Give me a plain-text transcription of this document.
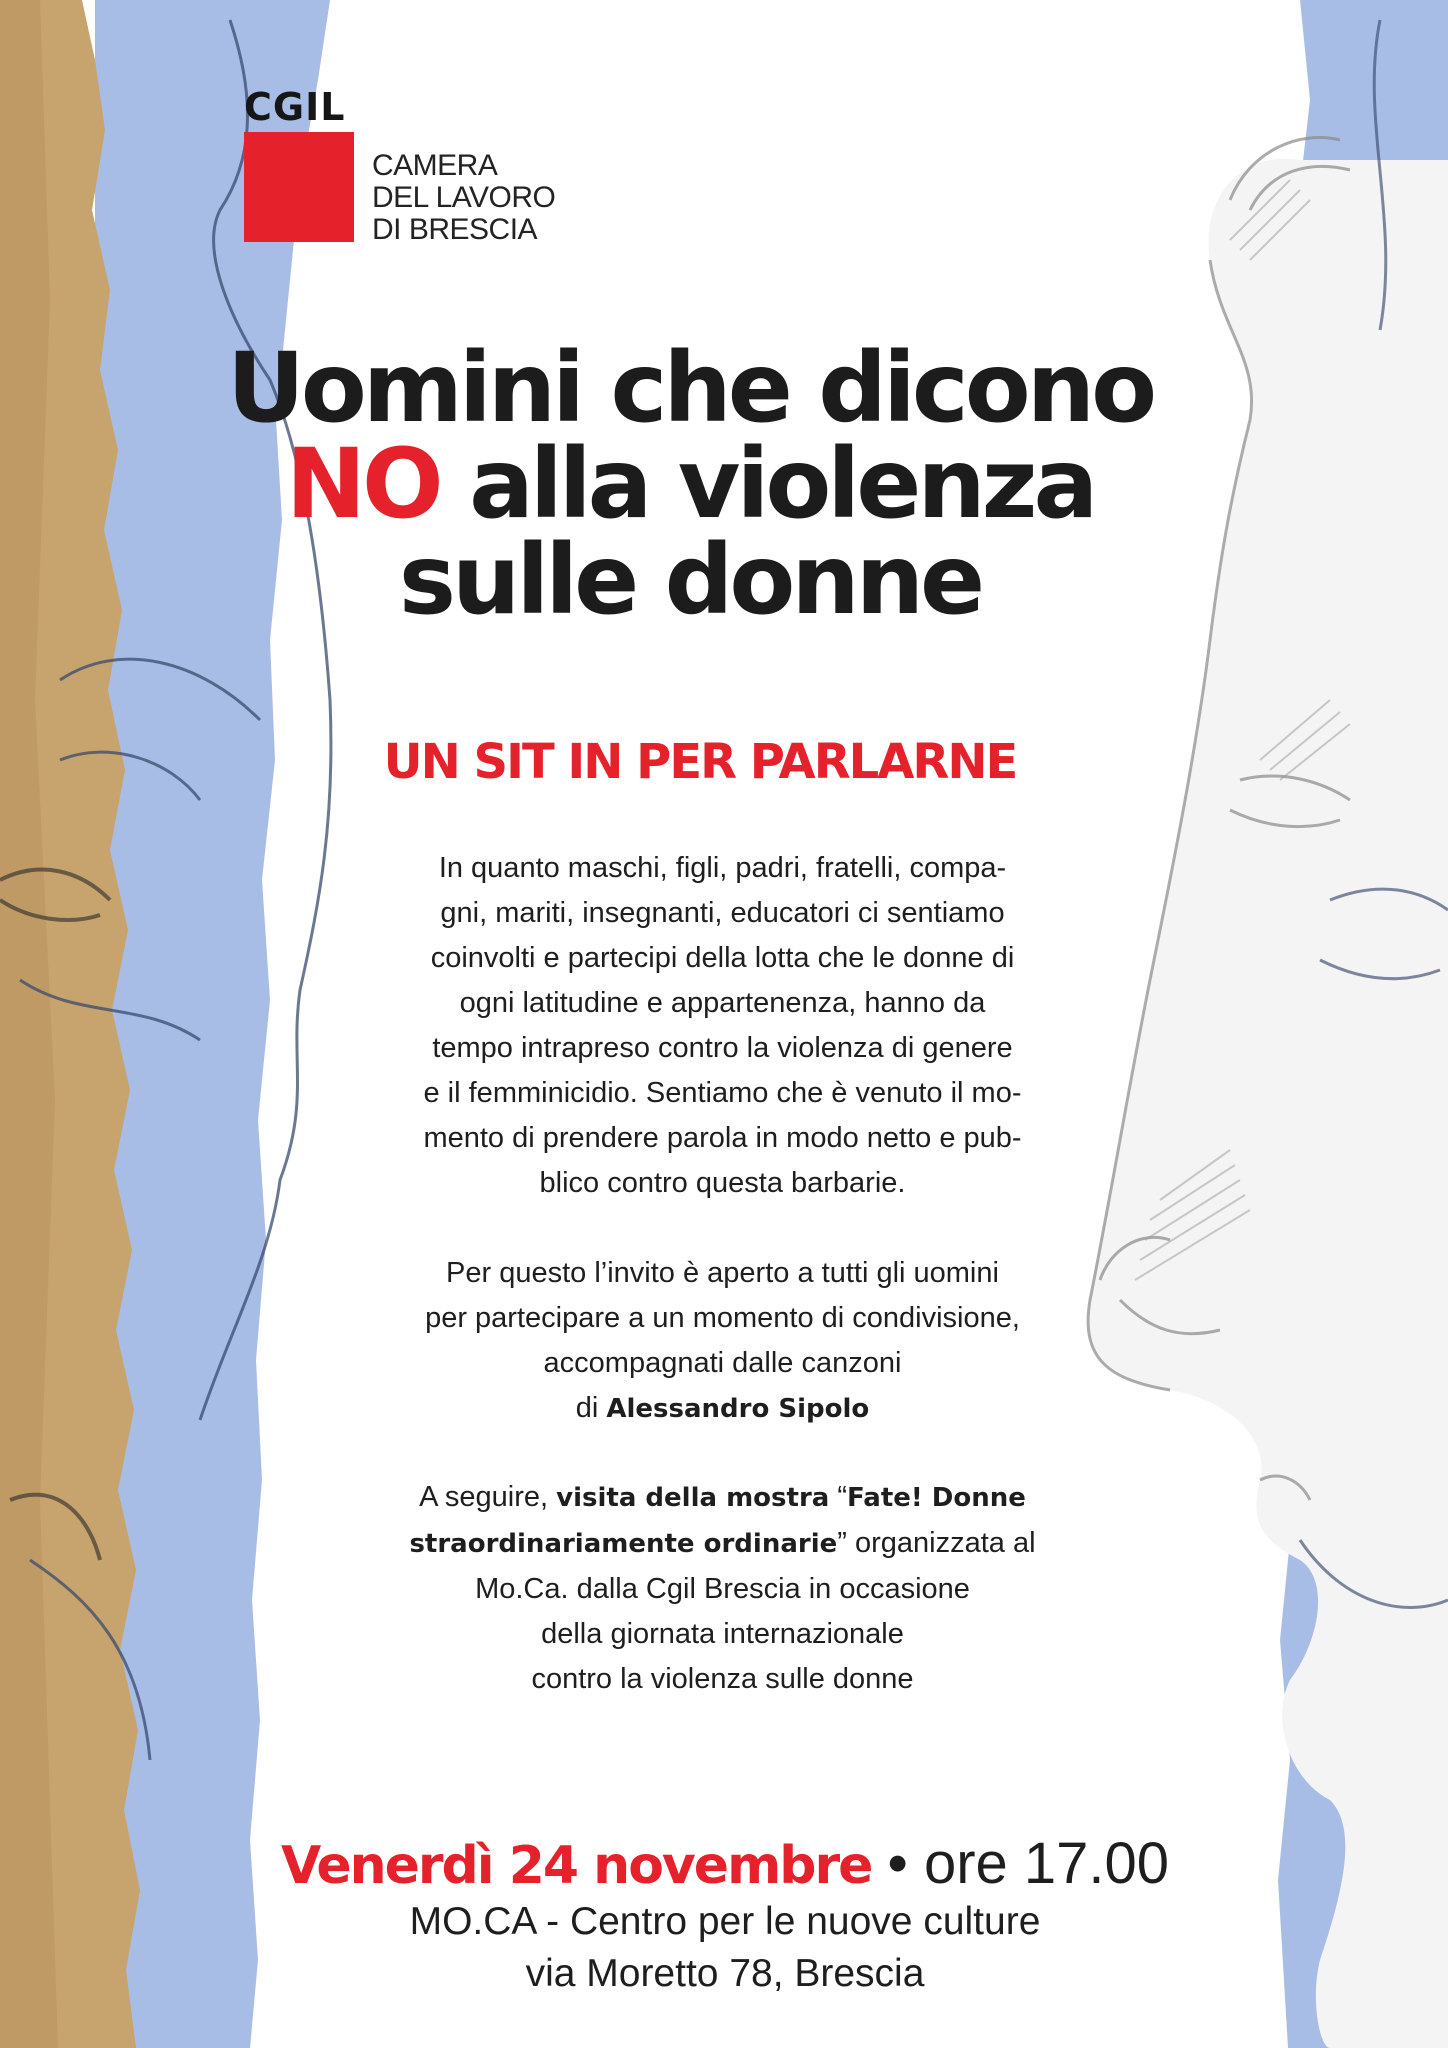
CGIL
CAMERA
DEL LAVORO
DI BRESCIA
Uomini che dicono
NO alla violenza
sulle donne
UN SIT IN PER PARLARNE
In quanto maschi, figli, padri, fratelli, compa-
gni, mariti, insegnanti, educatori ci sentiamo
coinvolti e partecipi della lotta che le donne di
ogni latitudine e appartenenza, hanno da
tempo intrapreso contro la violenza di genere
e il femminicidio. Sentiamo che è venuto il mo-
mento di prendere parola in modo netto e pub-
blico contro questa barbarie.
Per questo l’invito è aperto a tutti gli uomini
per partecipare a un momento di condivisione,
accompagnati dalle canzoni
di Alessandro Sipolo
A seguire, visita della mostra “Fate! Donne
straordinariamente ordinarie” organizzata al
Mo.Ca. dalla Cgil Brescia in occasione
della giornata internazionale
contro la violenza sulle donne
Venerdì 24 novembre • ore 17.00
MO.CA - Centro per le nuove culture
via Moretto 78, Brescia
